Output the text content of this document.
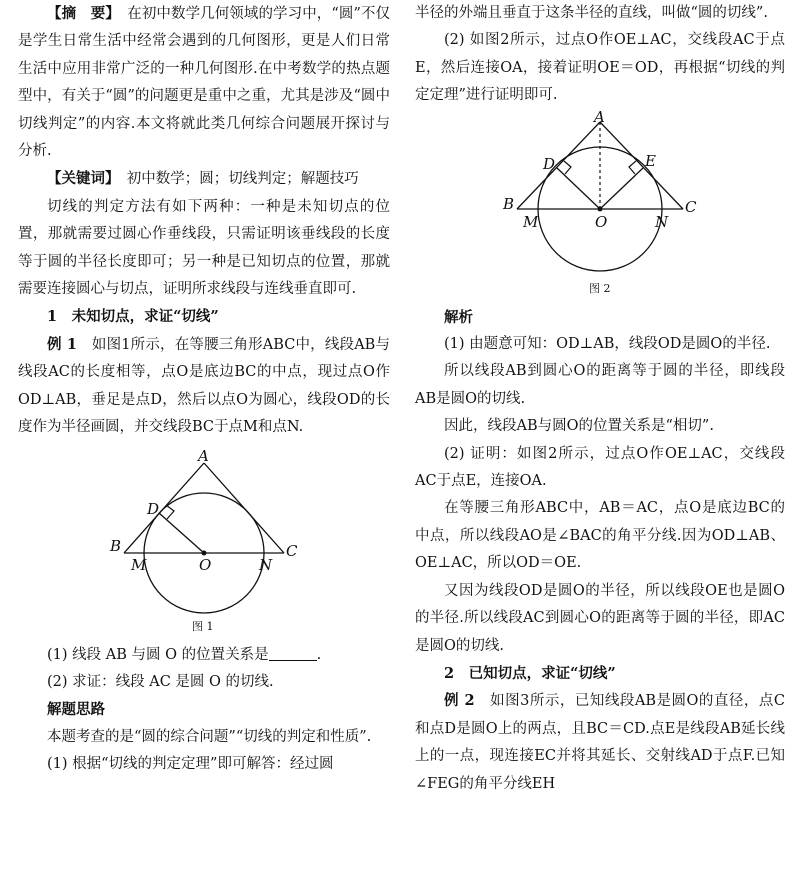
【摘　要】　 在初中数学几何领域的学习中，“圆”不仅是学生日常生活中经常会遇到的几何图形，更是人们日常生活中应用非常广泛的一种几何图形.在中考数学的热点题型中，有关于“圆”的问题更是重中之重，尤其是涉及“圆中切线判定”的内容.本文将就此类几何综合问题展开探讨与分析.

【关键词】　 初中数学；圆；切线判定；解题技巧

切线的判定方法有如下两种：一种是未知切点的位置，那就需要过圆心作垂线段，只需证明该垂线段的长度等于圆的半径长度即可；另一种是已知切点的位置，那就需要连接圆心与切点，证明所求线段与连线垂直即可.

1　未知切点，求证“切线”

例 1　 如图1所示，在等腰三角形ABC中，线段AB与线段AC的长度相等，点O是底边BC的中点，现过点O作OD⊥AB，垂足是点D，然后以点O为圆心，线段OD的长度作为半径画圆，并交线段BC于点M和点N.

A
B	C
D
M	O	N
图 1

(1) 线段 AB 与圆 O 的位置关系是	.

(2) 求证：线段 AC 是圆 O 的切线.

解题思路

本题考查的是“圆的综合问题”“切线的判定和性质”.

(1) 根据“切线的判定定理”即可解答：经过圆

半径的外端且垂直于这条半径的直线，叫做“圆的切线”.

(2) 如图2所示，过点O作OE⊥AC，交线段AC于点E，然后连接OA，接着证明OE＝OD，再根据“切线的判定定理”进行证明即可.

A
B	C
D	E
M	O	N
图 2

解析

(1) 由题意可知：OD⊥AB，线段OD是圆O的半径.

所以线段AB到圆心O的距离等于圆的半径，即线段AB是圆O的切线.

因此，线段AB与圆O的位置关系是“相切”.

(2) 证明：如图2所示，过点O作OE⊥AC，交线段AC于点E，连接OA.

在等腰三角形ABC中，AB＝AC，点O是底边BC的中点，所以线段AO是∠BAC的角平分线.因为OD⊥AB、OE⊥AC，所以OD＝OE.

又因为线段OD是圆O的半径，所以线段OE也是圆O的半径.所以线段AC到圆心O的距离等于圆的半径，即AC是圆O的切线.

2　已知切点，求证“切线”

例 2　 如图3所示，已知线段AB是圆O的直径，点C和点D是圆O上的两点，且BC＝CD.点E是线段AB延长线上的一点，现连接EC并将其延长、交射线AD于点F.已知∠FEG的角平分线EH
